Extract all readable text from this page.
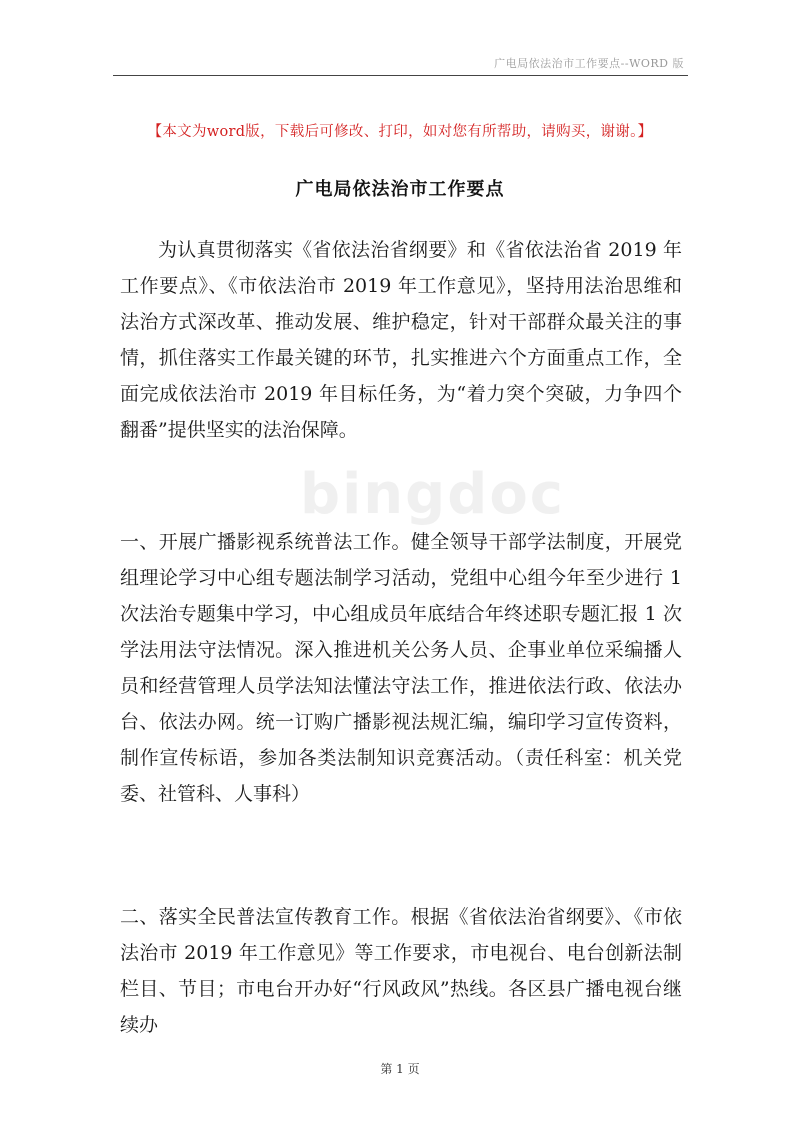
广电局依法治市工作要点--WORD 版
【本文为word版，下载后可修改、打印，如对您有所帮助，请购买，谢谢。】
广电局依法治市工作要点
bingdoc

为认真贯彻落实《省依法治省纲要》和《省依法治省 2019 年工作要点》、《市依法治市 2019 年工作意见》，坚持用法治思维和法治方式深改革、推动发展、维护稳定，针对干部群众最关注的事情，抓住落实工作最关键的环节，扎实推进六个方面重点工作，全面完成依法治市 2019 年目标任务，为“着力突个突破，力争四个翻番”提供坚实的法治保障。

一、开展广播影视系统普法工作。健全领导干部学法制度，开展党组理论学习中心组专题法制学习活动，党组中心组今年至少进行 1 次法治专题集中学习，中心组成员年底结合年终述职专题汇报 1 次学法用法守法情况。深入推进机关公务人员、企事业单位采编播人员和经营管理人员学法知法懂法守法工作，推进依法行政、依法办台、依法办网。统一订购广播影视法规汇编，编印学习宣传资料，制作宣传标语，参加各类法制知识竞赛活动。（责任科室：机关党委、社管科、人事科）

二、落实全民普法宣传教育工作。根据《省依法治省纲要》、《市依法治市 2019 年工作意见》等工作要求，市电视台、电台创新法制栏目、节目；市电台开办好“行风政风”热线。各区县广播电视台继续办

第 1 页
